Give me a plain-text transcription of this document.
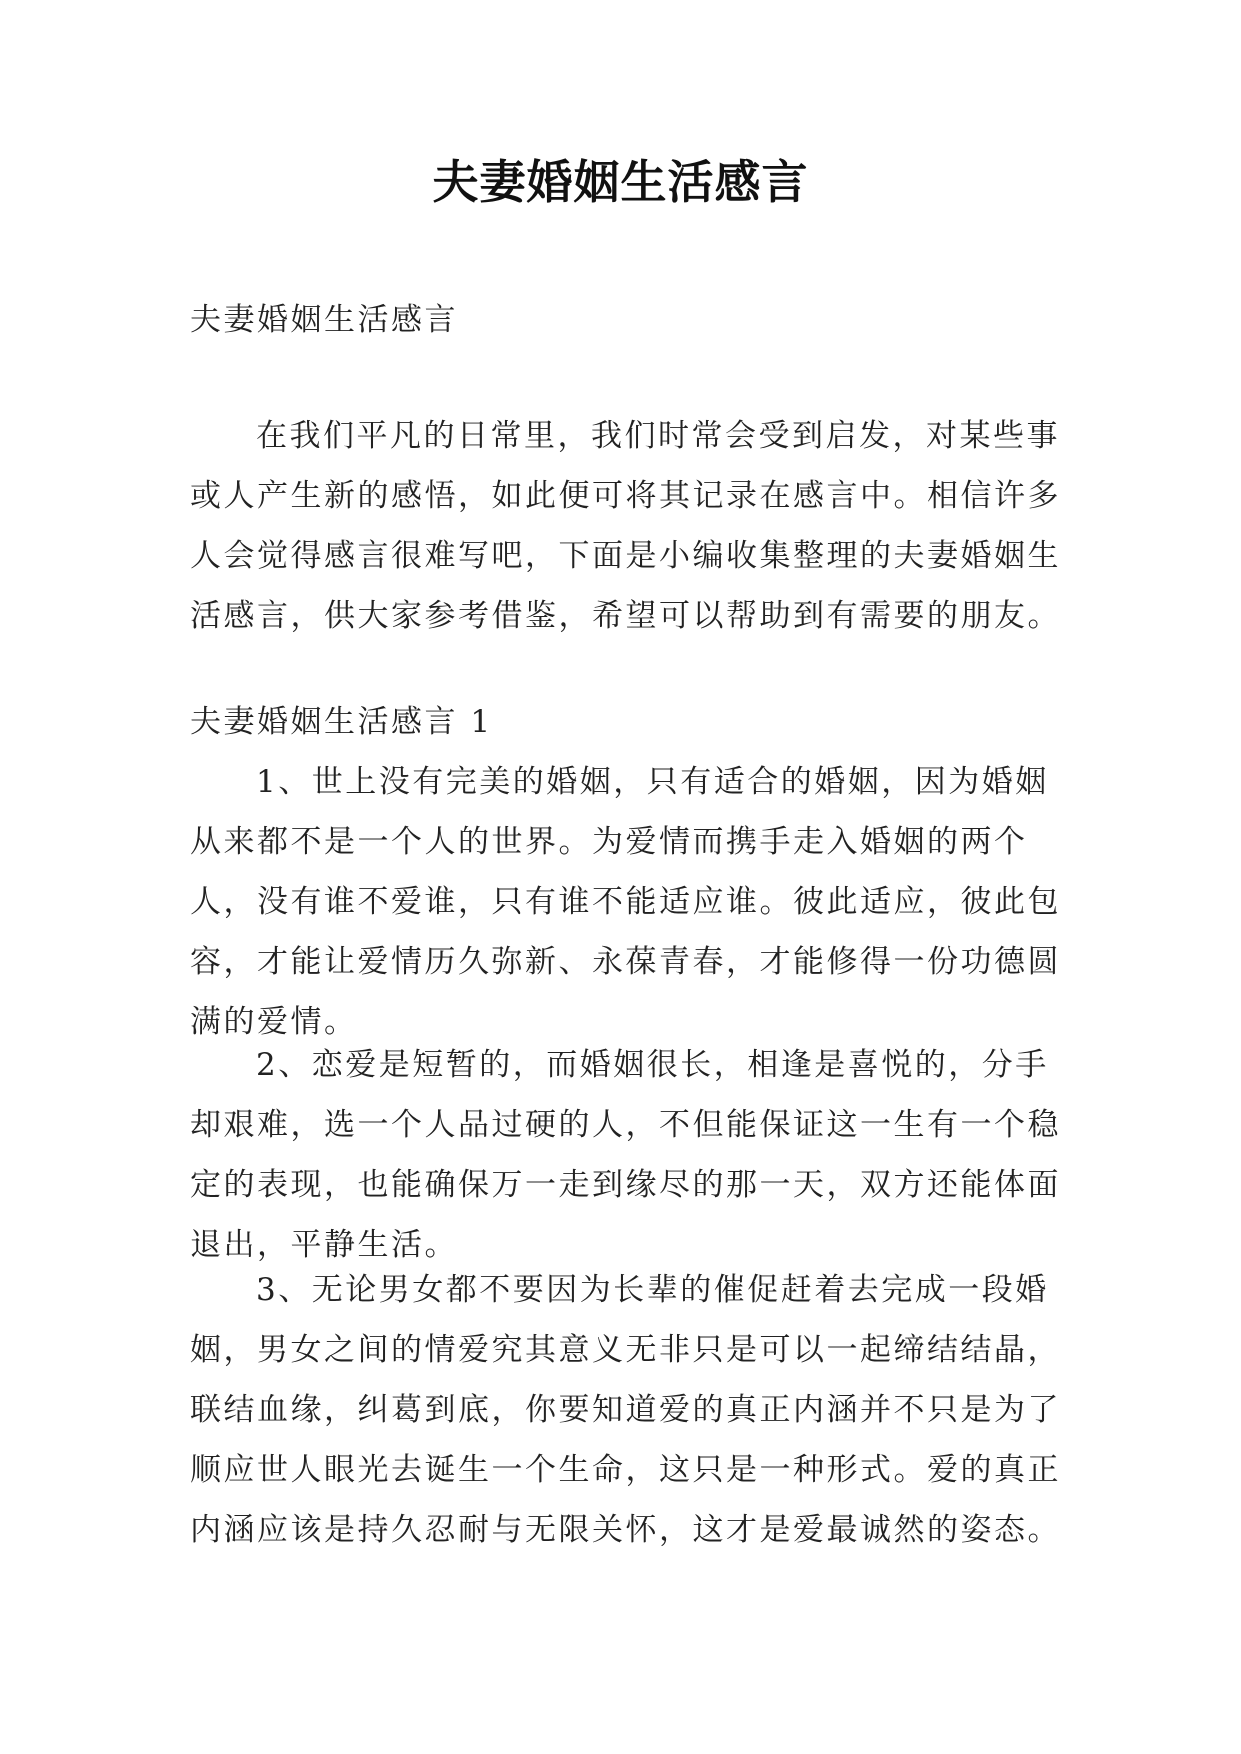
夫妻婚姻生活感言
夫妻婚姻生活感言
在我们平凡的日常里，我们时常会受到启发，对某些事或人产生新的感悟，如此便可将其记录在感言中。相信许多人会觉得感言很难写吧，下面是小编收集整理的夫妻婚姻生活感言，供大家参考借鉴，希望可以帮助到有需要的朋友。
夫妻婚姻生活感言 1
1、世上没有完美的婚姻，只有适合的婚姻，因为婚姻从来都不是一个人的世界。为爱情而携手走入婚姻的两个人，没有谁不爱谁，只有谁不能适应谁。彼此适应，彼此包容，才能让爱情历久弥新、永葆青春，才能修得一份功德圆满的爱情。
2、恋爱是短暂的，而婚姻很长，相逢是喜悦的，分手却艰难，选一个人品过硬的人，不但能保证这一生有一个稳定的表现，也能确保万一走到缘尽的那一天，双方还能体面退出，平静生活。
3、无论男女都不要因为长辈的催促赶着去完成一段婚姻，男女之间的情爱究其意义无非只是可以一起缔结结晶，联结血缘，纠葛到底，你要知道爱的真正内涵并不只是为了顺应世人眼光去诞生一个生命，这只是一种形式。爱的真正内涵应该是持久忍耐与无限关怀，这才是爱最诚然的姿态。
